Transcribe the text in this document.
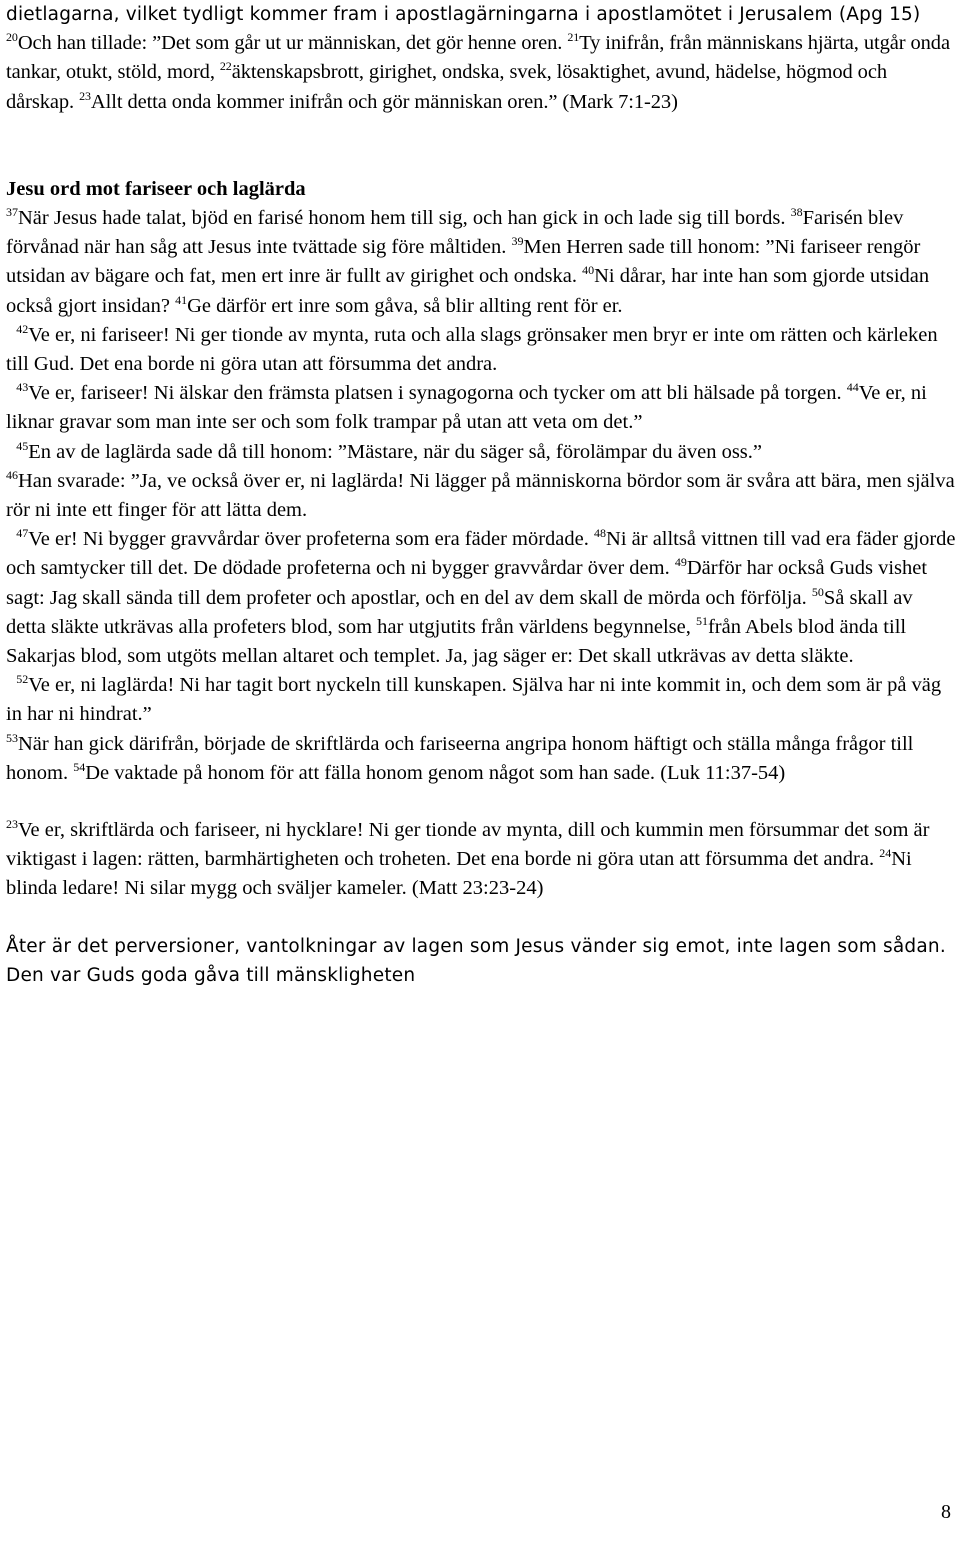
dietlagarna, vilket tydligt kommer fram i apostlagärningarna i apostlamötet i Jerusalem (Apg 15)

$^{20}$Och han tillade: ”Det som går ut ur människan, det gör henne oren. $^{21}$Ty inifrån, från människans hjärta, utgår onda tankar, otukt, stöld, mord, $^{22}$äktenskapsbrott, girighet, ondska, svek, lösaktighet, avund, hädelse, högmod och dårskap. $^{23}$Allt detta onda kommer inifrån och gör människan oren.” (Mark 7:1-23)

Jesu ord mot fariseer och laglärda

$^{37}$När Jesus hade talat, bjöd en farisé honom hem till sig, och han gick in och lade sig till bords. $^{38}$Farisén blev förvånad när han såg att Jesus inte tvättade sig före måltiden. $^{39}$Men Herren sade till honom: ”Ni fariseer rengör utsidan av bägare och fat, men ert inre är fullt av girighet och ondska. $^{40}$Ni dårar, har inte han som gjorde utsidan också gjort insidan? $^{41}$Ge därför ert inre som gåva, så blir allting rent för er.

$^{42}$Ve er, ni fariseer! Ni ger tionde av mynta, ruta och alla slags grönsaker men bryr er inte om rätten och kärleken till Gud. Det ena borde ni göra utan att försumma det andra.

$^{43}$Ve er, fariseer! Ni älskar den främsta platsen i synagogorna och tycker om att bli hälsade på torgen. $^{44}$Ve er, ni liknar gravar som man inte ser och som folk trampar på utan att veta om det.”

$^{45}$En av de laglärda sade då till honom: ”Mästare, när du säger så, förolämpar du även oss.”

$^{46}$Han svarade: ”Ja, ve också över er, ni laglärda! Ni lägger på människorna bördor som är svåra att bära, men själva rör ni inte ett finger för att lätta dem.

$^{47}$Ve er! Ni bygger gravvårdar över profeterna som era fäder mördade. $^{48}$Ni är alltså vittnen till vad era fäder gjorde och samtycker till det. De dödade profeterna och ni bygger gravvårdar över dem. $^{49}$Därför har också Guds vishet sagt: Jag skall sända till dem profeter och apostlar, och en del av dem skall de mörda och förfölja. $^{50}$Så skall av detta släkte utkrävas alla profeters blod, som har utgjutits från världens begynnelse, $^{51}$från Abels blod ända till Sakarjas blod, som utgöts mellan altaret och templet. Ja, jag säger er: Det skall utkrävas av detta släkte.

$^{52}$Ve er, ni laglärda! Ni har tagit bort nyckeln till kunskapen. Själva har ni inte kommit in, och dem som är på väg in har ni hindrat.”

$^{53}$När han gick därifrån, började de skriftlärda och fariseerna angripa honom häftigt och ställa många frågor till honom. $^{54}$De vaktade på honom för att fälla honom genom något som han sade. (Luk 11:37-54)

$^{23}$Ve er, skriftlärda och fariseer, ni hycklare! Ni ger tionde av mynta, dill och kummin men försummar det som är viktigast i lagen: rätten, barmhärtigheten och troheten. Det ena borde ni göra utan att försumma det andra. $^{24}$Ni blinda ledare! Ni silar mygg och sväljer kameler. (Matt 23:23-24)

Åter är det perversioner, vantolkningar av lagen som Jesus vänder sig emot, inte lagen som sådan. Den var Guds goda gåva till mänskligheten

8
